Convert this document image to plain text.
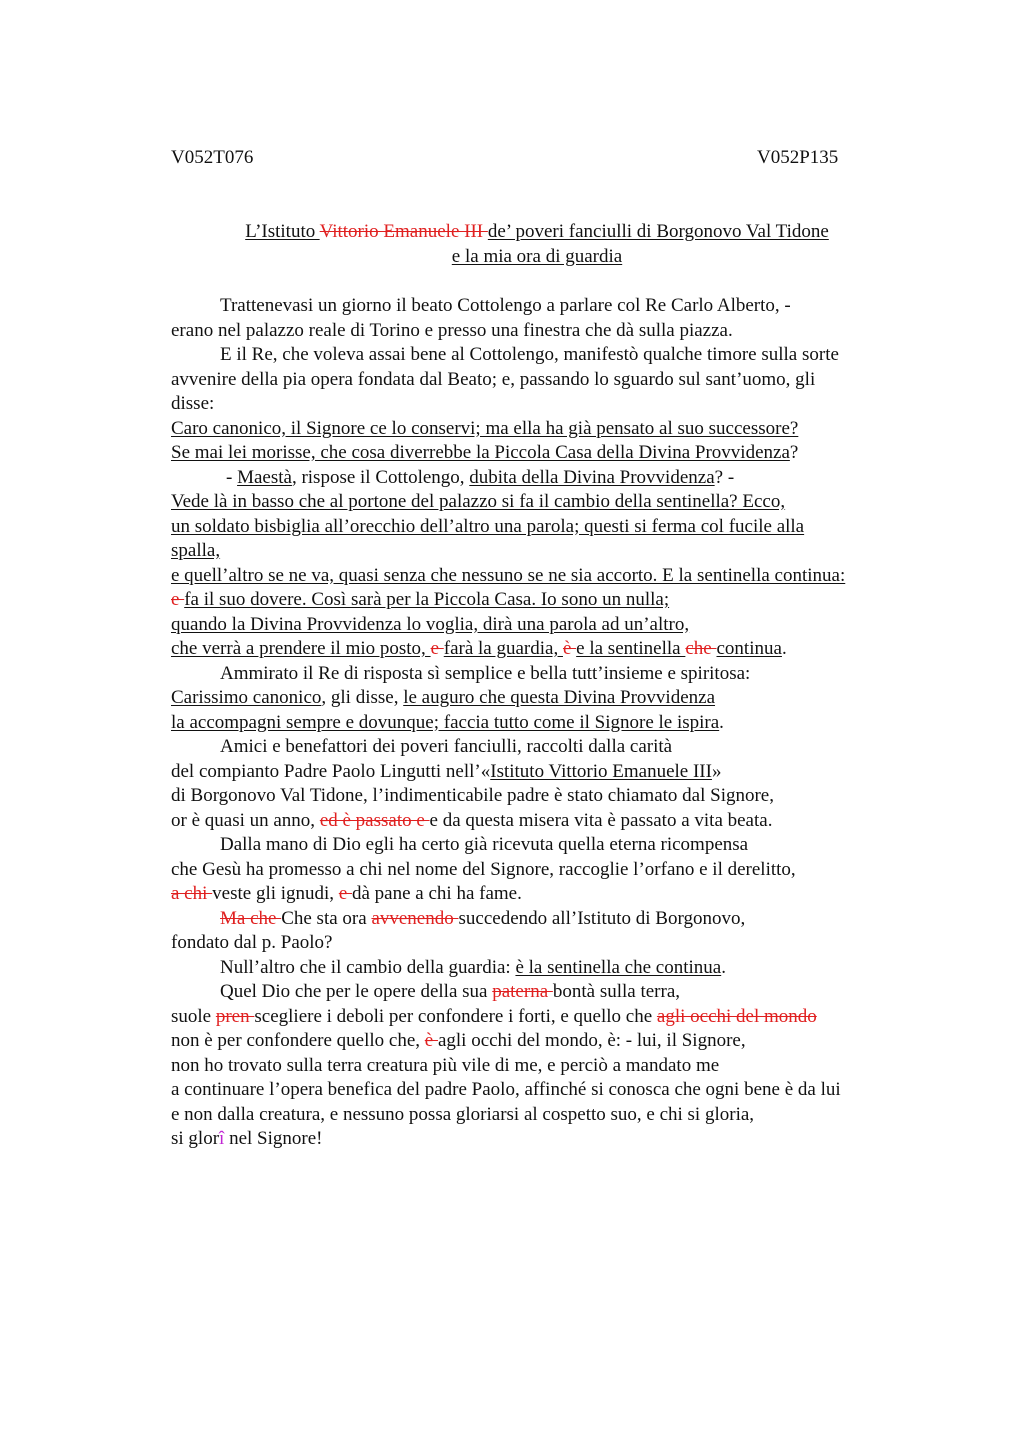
V052T076	V052P135
L’Istituto Vittorio Emanuele III de’ poveri fanciulli di Borgonovo Val Tidone
e la mia ora di guardia
Trattenevasi un giorno il beato Cottolengo a parlare col Re Carlo Alberto, -
erano nel palazzo reale di Torino e presso una finestra che dà sulla piazza.
E il Re, che voleva assai bene al Cottolengo, manifestò qualche timore sulla sorte
avvenire della pia opera fondata dal Beato; e, passando lo sguardo sul sant’uomo, gli
disse:
Caro canonico, il Signore ce lo conservi; ma ella ha già pensato al suo successore?
Se mai lei morisse, che cosa diverrebbe la Piccola Casa della Divina Provvidenza?
- Maestà, rispose il Cottolengo, dubita della Divina Provvidenza? -
Vede là in basso che al portone del palazzo si fa il cambio della sentinella? Ecco,
un soldato bisbiglia all’orecchio dell’altro una parola; questi si ferma col fucile alla
spalla,
e quell’altro se ne va, quasi senza che nessuno se ne sia accorto. E la sentinella continua:
e fa il suo dovere. Così sarà per la Piccola Casa. Io sono un nulla;
quando la Divina Provvidenza lo voglia, dirà una parola ad un’altro,
che verrà a prendere il mio posto, e farà la guardia, è e la sentinella che continua.
Ammirato il Re di risposta sì semplice e bella tutt’insieme e spiritosa:
Carissimo canonico, gli disse, le auguro che questa Divina Provvidenza
la accompagni sempre e dovunque; faccia tutto come il Signore le ispira.
Amici e benefattori dei poveri fanciulli, raccolti dalla carità
del compianto Padre Paolo Lingutti nell’«Istituto Vittorio Emanuele III»
di Borgonovo Val Tidone, l’indimenticabile padre è stato chiamato dal Signore,
or è quasi un anno, ed è passato e e da questa misera vita è passato a vita beata.
Dalla mano di Dio egli ha certo già ricevuta quella eterna ricompensa
che Gesù ha promesso a chi nel nome del Signore, raccoglie l’orfano e il derelitto,
a chi veste gli ignudi, e dà pane a chi ha fame.
Ma che Che sta ora avvenendo succedendo all’Istituto di Borgonovo,
fondato dal p. Paolo?
Null’altro che il cambio della guardia: è la sentinella che continua.
Quel Dio che per le opere della sua paterna bontà sulla terra,
suole pren scegliere i deboli per confondere i forti, e quello che agli occhi del mondo
non è per confondere quello che, è agli occhi del mondo, è: - lui, il Signore,
non ho trovato sulla terra creatura più vile di me, e perciò a mandato me
a continuare l’opera benefica del padre Paolo, affinché si conosca che ogni bene è da lui
e non dalla creatura, e nessuno possa gloriarsi al cospetto suo, e chi si gloria,
si glorî nel Signore!
